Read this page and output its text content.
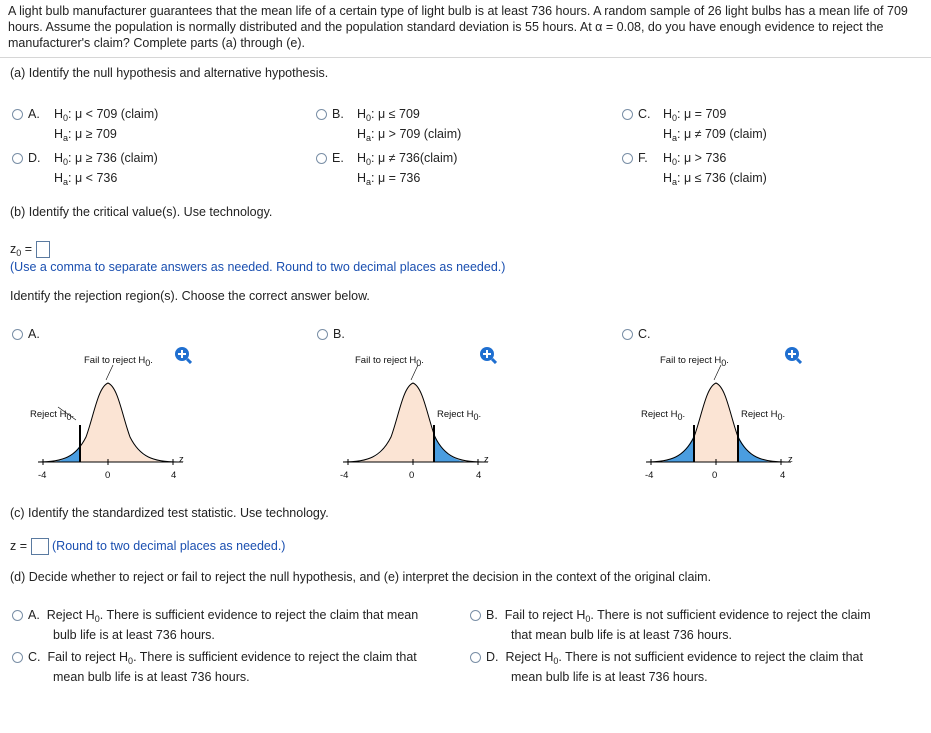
A light bulb manufacturer guarantees that the mean life of a certain type of light bulb is at least 736 hours. A random sample of 26 light bulbs has a mean life of 709 hours. Assume the population is normally distributed and the population standard deviation is 55 hours. At α = 0.08, do you have enough evidence to reject the manufacturer's claim? Complete parts (a) through (e).
(a) Identify the null hypothesis and alternative hypothesis.
A. $H_0$: μ < 709 (claim)
$H_a$: μ ≥ 709
B. $H_0$: μ ≤ 709
$H_a$: μ > 709 (claim)
C. $H_0$: μ = 709
$H_a$: μ ≠ 709 (claim)
D. $H_0$: μ ≥ 736 (claim)
$H_a$: μ < 736
E. $H_0$: μ ≠ 736(claim)
$H_a$: μ = 736
F. $H_0$: μ > 736
$H_a$: μ ≤ 736 (claim)
(b) Identify the critical value(s). Use technology.
$z_0$ =
(Use a comma to separate answers as needed. Round to two decimal places as needed.)
Identify the rejection region(s). Choose the correct answer below.
A.	B.	C.
Fail to reject $H_0$.
Reject $H_0$.
z
-4	0	4
Fail to reject $H_0$.
Reject $H_0$.
z
-4	0	4
Fail to reject $H_0$.
Reject $H_0$.	Reject $H_0$.
z
-4	0	4
(c) Identify the standardized test statistic. Use technology.
z = (Round to two decimal places as needed.)
(d) Decide whether to reject or fail to reject the null hypothesis, and (e) interpret the decision in the context of the original claim.
A. Reject $H_0$. There is sufficient evidence to reject the claim that mean
bulb life is at least 736 hours.
B. Fail to reject $H_0$. There is not sufficient evidence to reject the claim
that mean bulb life is at least 736 hours.
C. Fail to reject $H_0$. There is sufficient evidence to reject the claim that
mean bulb life is at least 736 hours.
D. Reject $H_0$. There is not sufficient evidence to reject the claim that
mean bulb life is at least 736 hours.
